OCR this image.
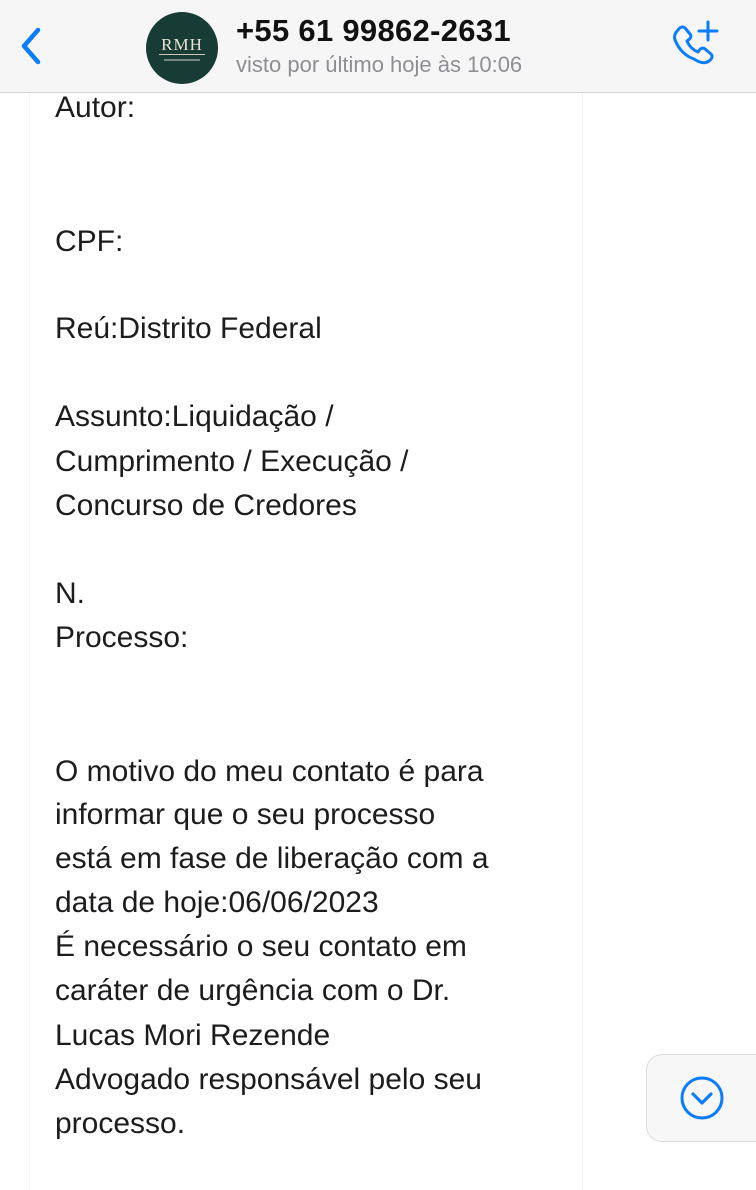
RMH +55 61 99862-2631
visto por último hoje às 10:06
Autor:
CPF:
Reú:Distrito Federal
Assunto:Liquidação /
Cumprimento / Execução /
Concurso de Credores
N.
Processo:
O motivo do meu contato é para
informar que o seu processo
está em fase de liberação com a
data de hoje:06/06/2023
É necessário o seu contato em
caráter de urgência com o Dr.
Lucas Mori Rezende
Advogado responsável pelo seu
processo.
